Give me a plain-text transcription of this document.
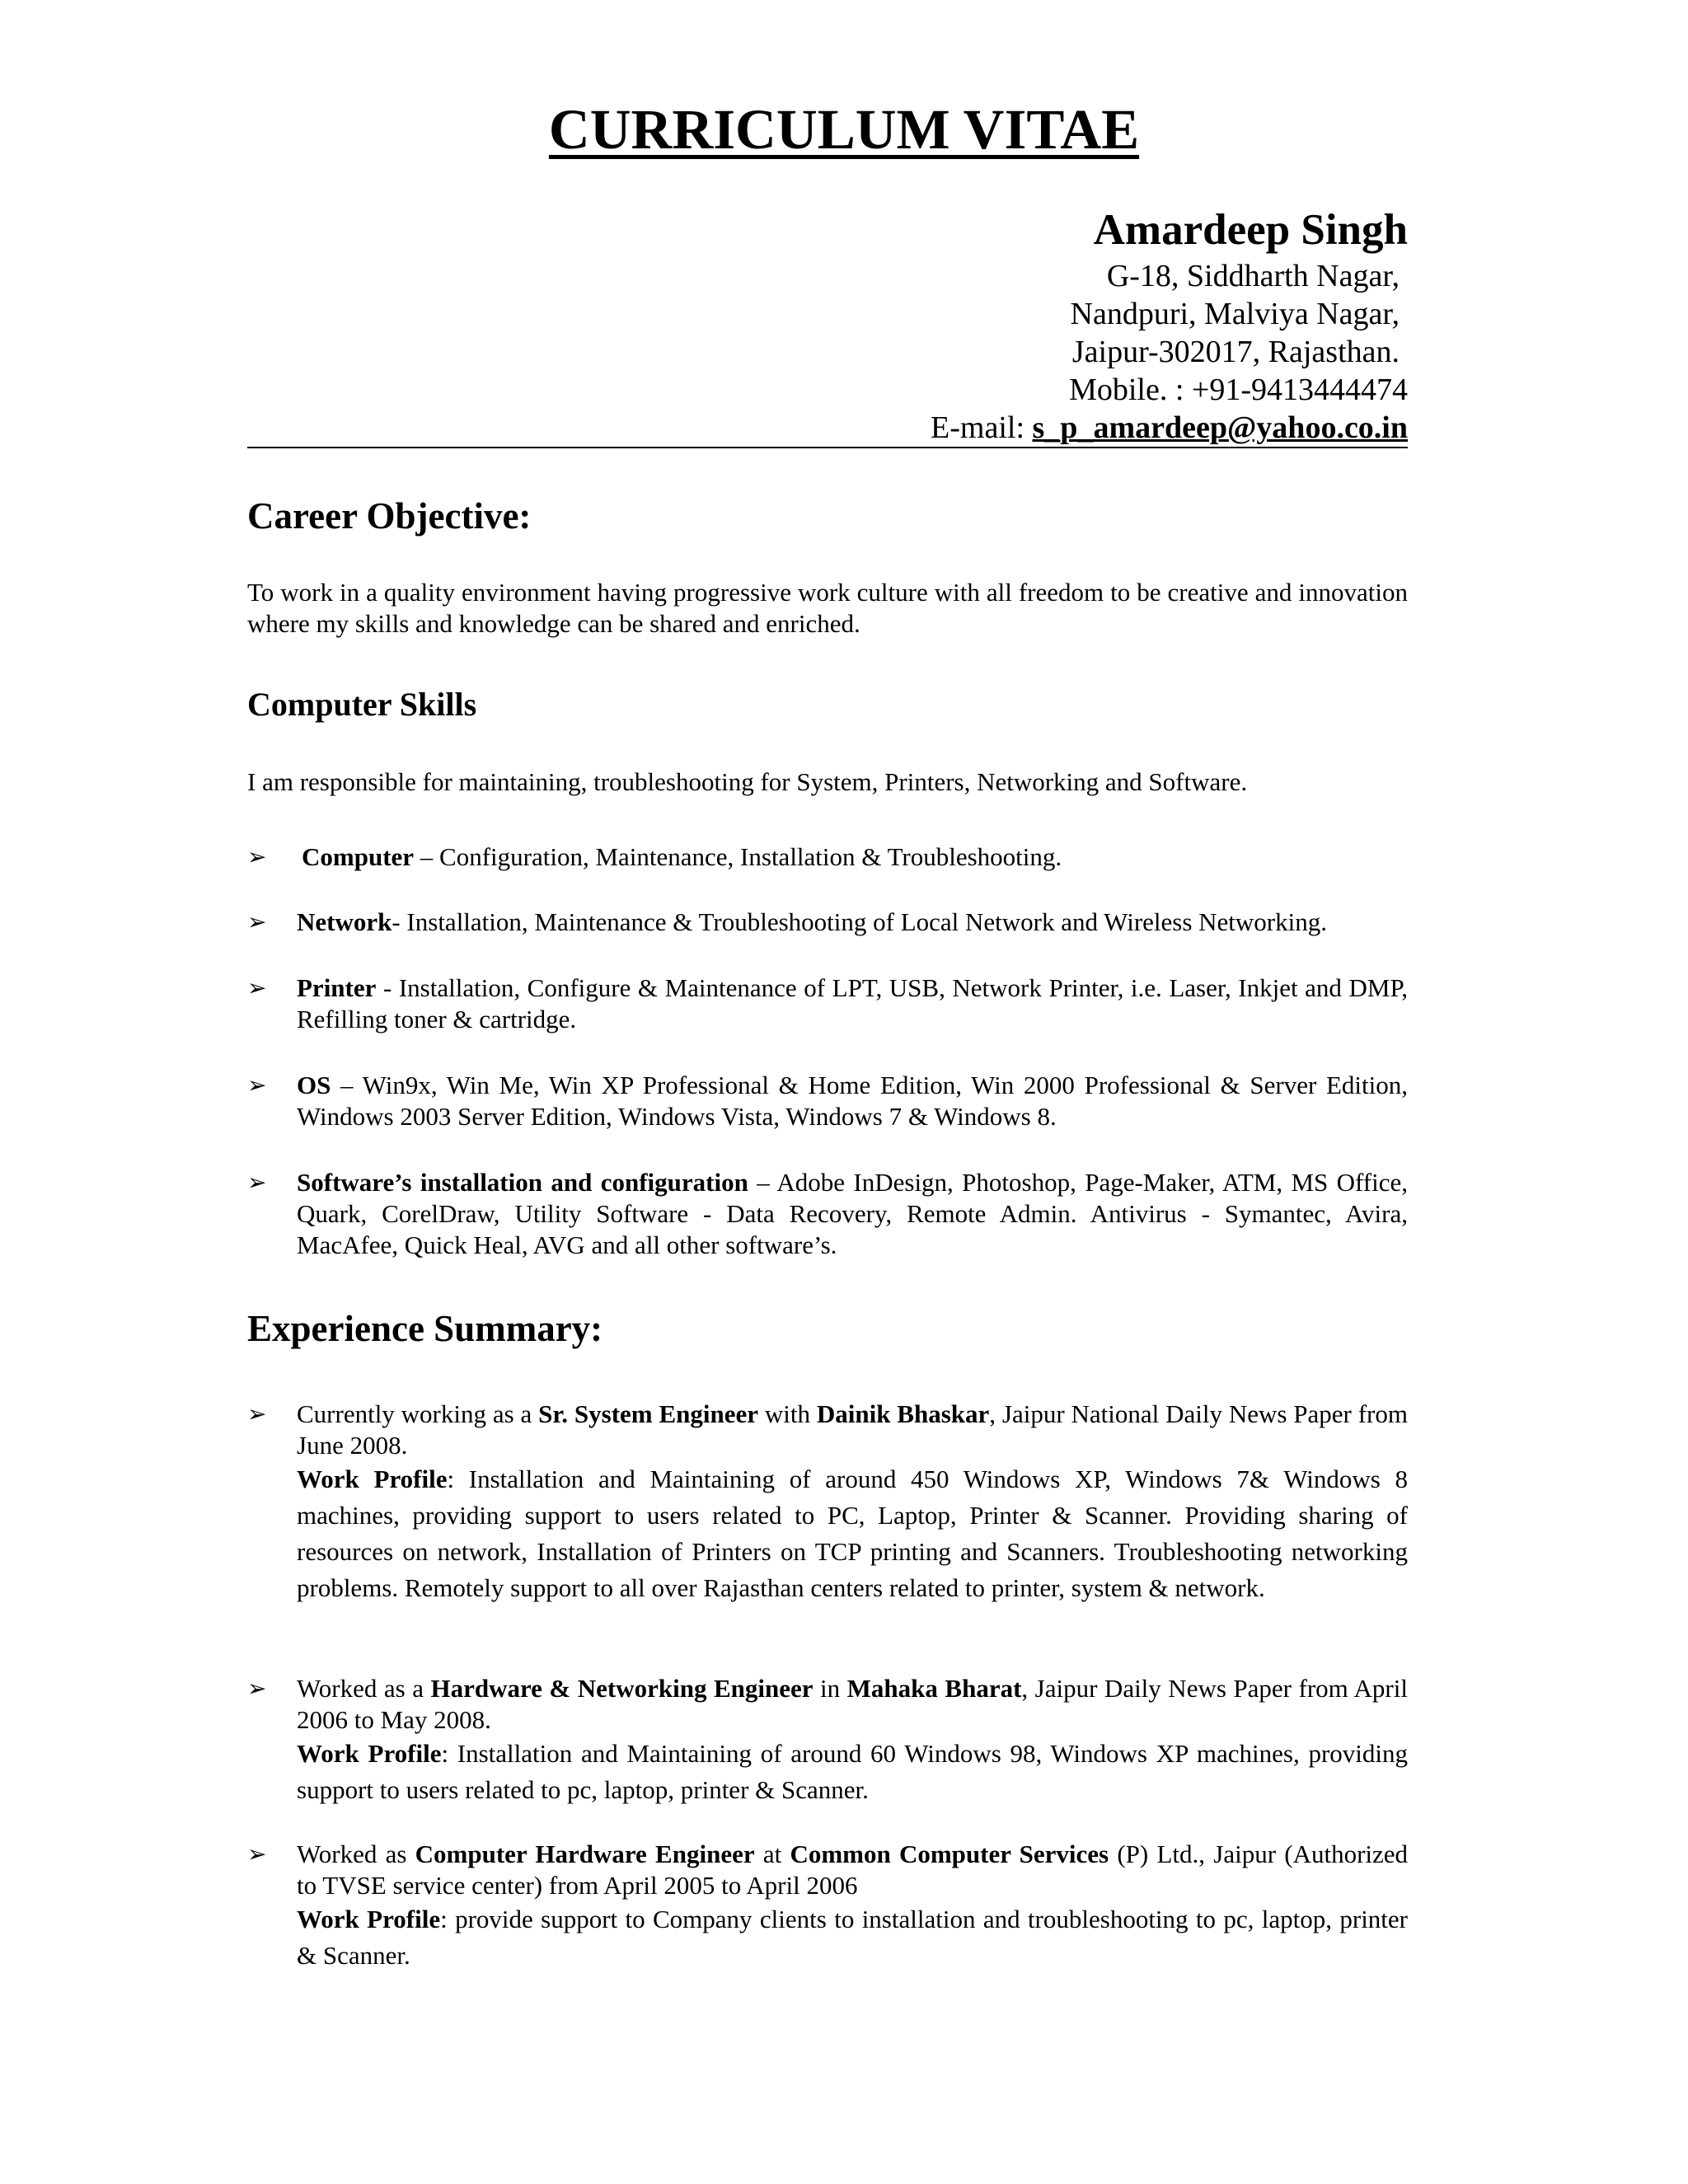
CURRICULUM VITAE
Amardeep Singh
G-18, Siddharth Nagar,
Nandpuri, Malviya Nagar,
Jaipur-302017, Rajasthan.
Mobile. : +91-9413444474
E-mail: s_p_amardeep@yahoo.co.in
Career Objective:
To work in a quality environment having progressive work culture with all freedom to be creative and innovation where my skills and knowledge can be shared and enriched.
Computer Skills
I am responsible for maintaining, troubleshooting for System, Printers, Networking and Software.
➢ Computer – Configuration, Maintenance, Installation & Troubleshooting.
➢ Network- Installation, Maintenance & Troubleshooting of Local Network and Wireless Networking.
➢ Printer - Installation, Configure & Maintenance of LPT, USB, Network Printer, i.e. Laser, Inkjet and DMP, Refilling toner & cartridge.
➢ OS – Win9x, Win Me, Win XP Professional & Home Edition, Win 2000 Professional & Server Edition, Windows 2003 Server Edition, Windows Vista, Windows 7 & Windows 8.
➢ Software’s installation and configuration – Adobe InDesign, Photoshop, Page-Maker, ATM, MS Office, Quark, CorelDraw, Utility Software - Data Recovery, Remote Admin. Antivirus - Symantec, Avira, MacAfee, Quick Heal, AVG and all other software’s.
Experience Summary:
➢ Currently working as a Sr. System Engineer with Dainik Bhaskar, Jaipur National Daily News Paper from June 2008.
Work Profile: Installation and Maintaining of around 450 Windows XP, Windows 7& Windows 8 machines, providing support to users related to PC, Laptop, Printer & Scanner. Providing sharing of resources on network, Installation of Printers on TCP printing and Scanners. Troubleshooting networking problems. Remotely support to all over Rajasthan centers related to printer, system & network.
➢ Worked as a Hardware & Networking Engineer in Mahaka Bharat, Jaipur Daily News Paper from April 2006 to May 2008.
Work Profile: Installation and Maintaining of around 60 Windows 98, Windows XP machines, providing support to users related to pc, laptop, printer & Scanner.
➢ Worked as Computer Hardware Engineer at Common Computer Services (P) Ltd., Jaipur (Authorized to TVSE service center) from April 2005 to April 2006
Work Profile: provide support to Company clients to installation and troubleshooting to pc, laptop, printer & Scanner.
